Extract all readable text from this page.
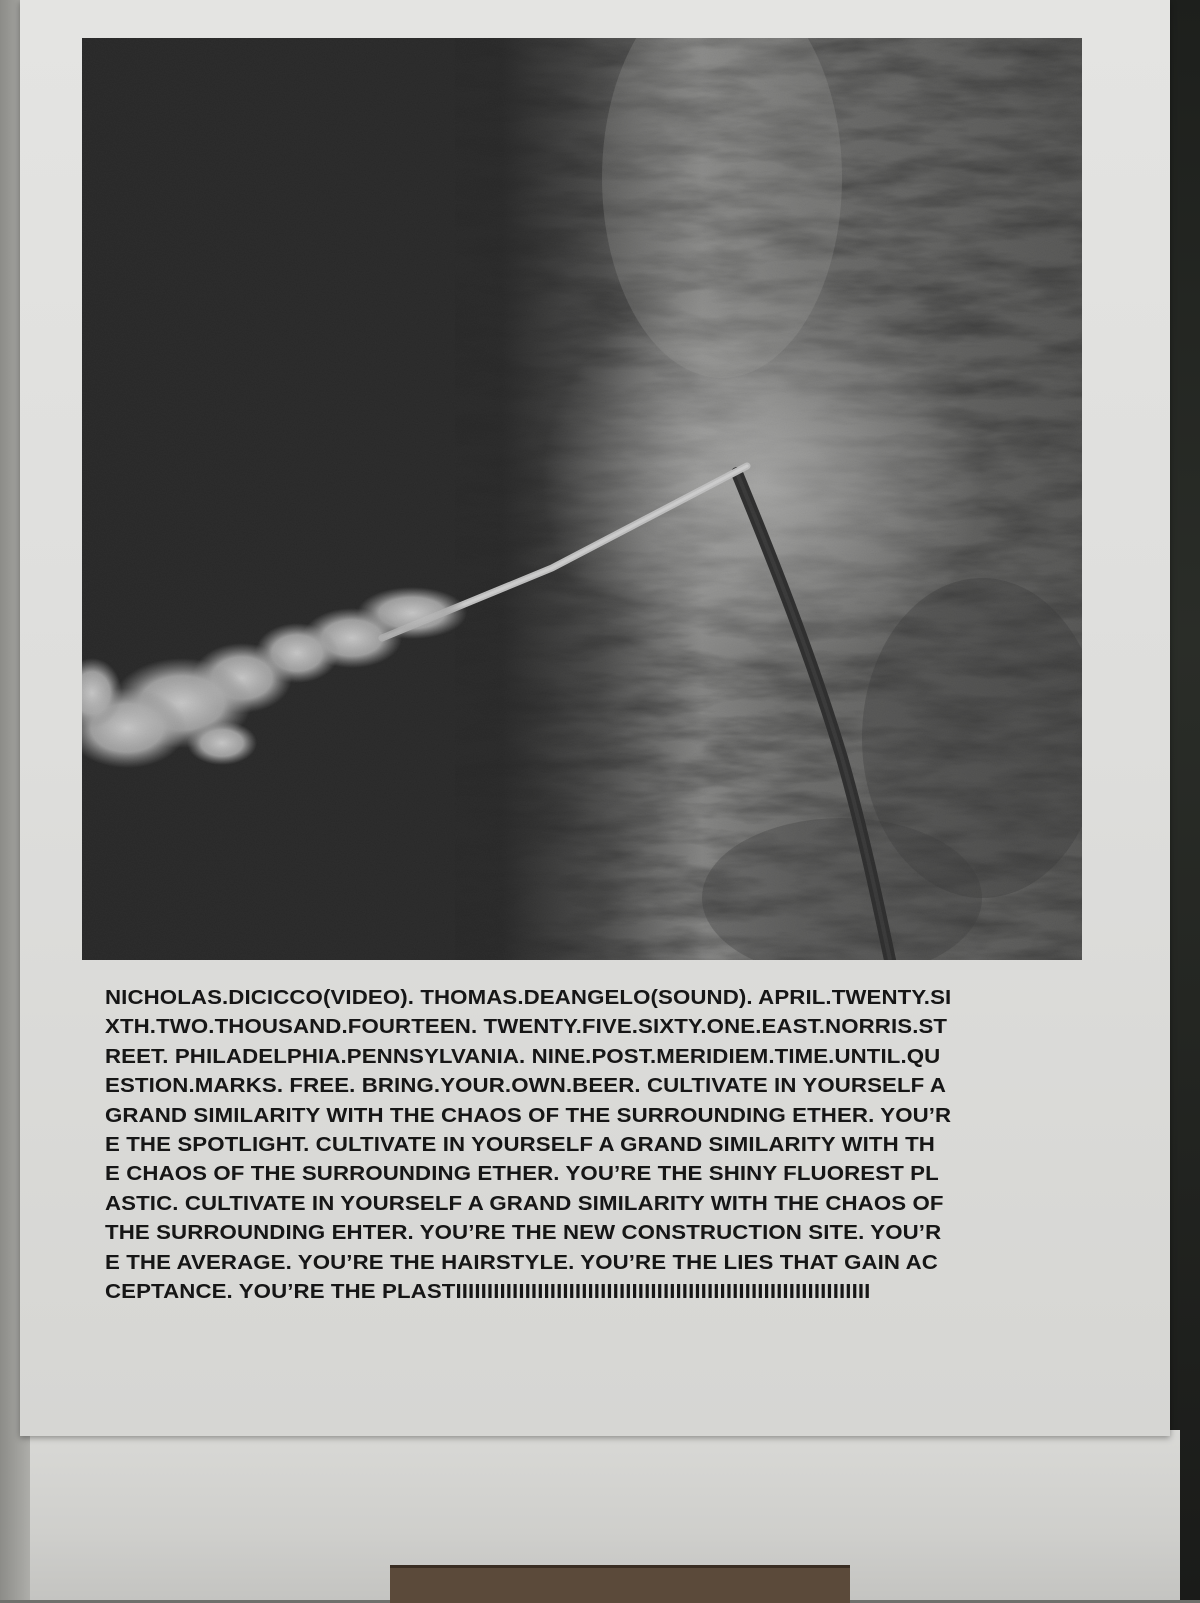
NICHOLAS.DICICCO(VIDEO). THOMAS.DEANGELO(SOUND). APRIL.TWENTY.SI
XTH.TWO.THOUSAND.FOURTEEN. TWENTY.FIVE.SIXTY.ONE.EAST.NORRIS.ST
REET. PHILADELPHIA.PENNSYLVANIA. NINE.POST.MERIDIEM.TIME.UNTIL.QU
ESTION.MARKS. FREE. BRING.YOUR.OWN.BEER. CULTIVATE IN YOURSELF A
GRAND SIMILARITY WITH THE CHAOS OF THE SURROUNDING ETHER. YOU’R
E THE SPOTLIGHT. CULTIVATE IN YOURSELF A GRAND SIMILARITY WITH TH
E CHAOS OF THE SURROUNDING ETHER. YOU’RE THE SHINY FLUOREST PL
ASTIC. CULTIVATE IN YOURSELF A GRAND SIMILARITY WITH THE CHAOS OF
THE SURROUNDING EHTER. YOU’RE THE NEW CONSTRUCTION SITE. YOU’R
E THE AVERAGE. YOU’RE THE HAIRSTYLE. YOU’RE THE LIES THAT GAIN AC
CEPTANCE. YOU’RE THE PLASTIIIIIIIIIIIIIIIIIIIIIIIIIIIIIIIIIIIIIIIIIIIIIIIIIIIIIIIIIIIIIIIIII
